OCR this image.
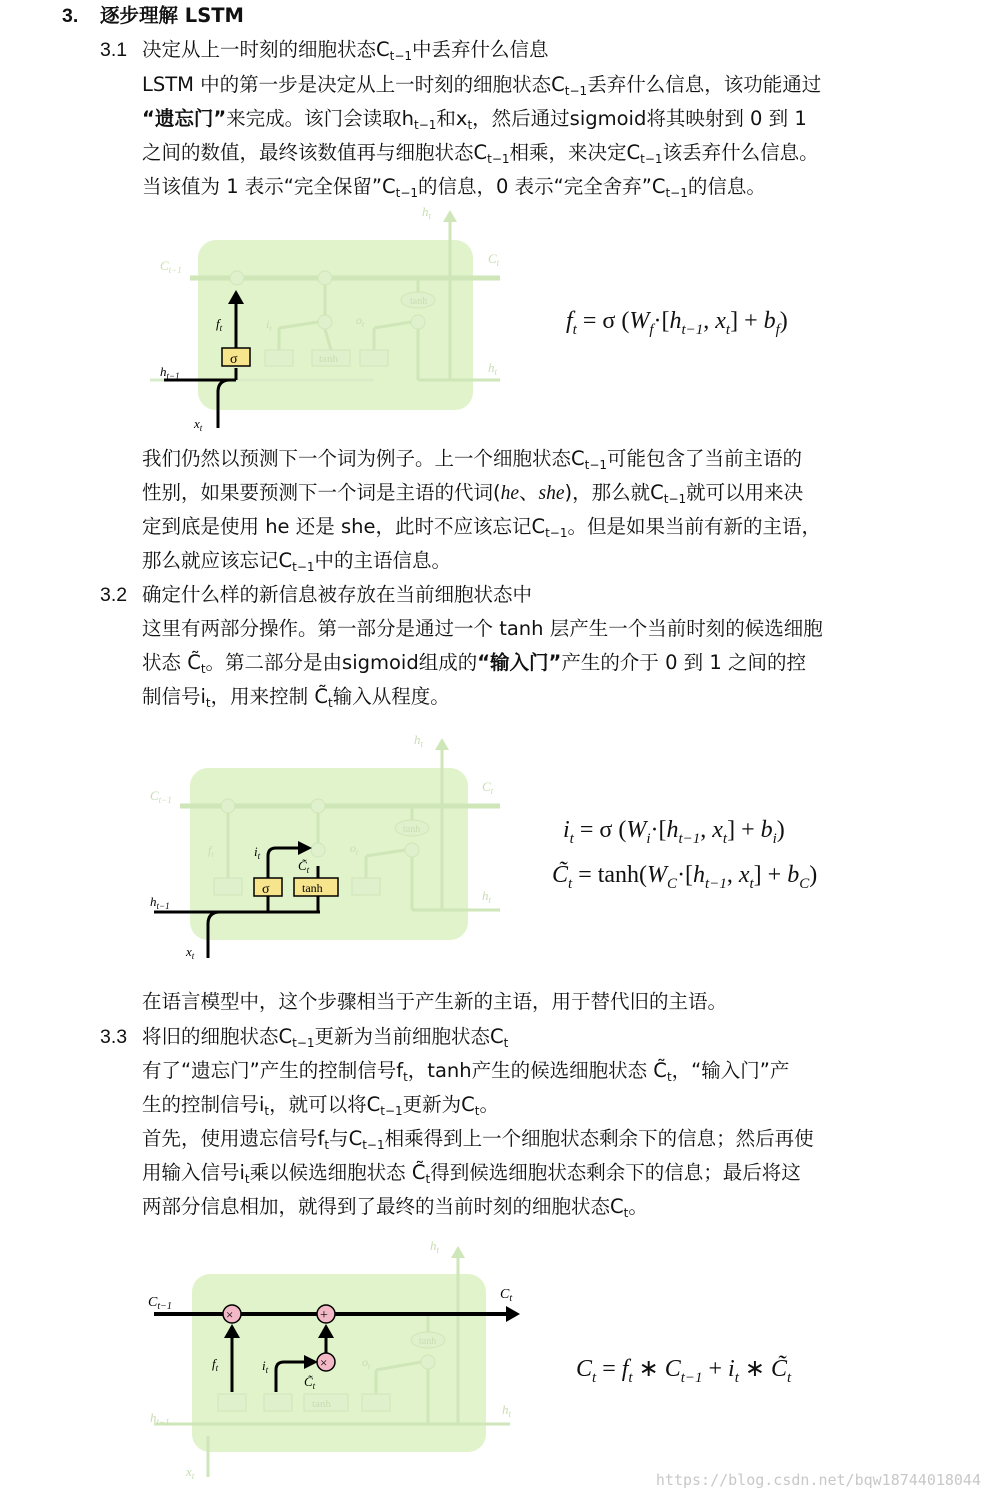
3. 逐步理解 LSTM
3.1 决定从上一时刻的细胞状态$C_{t-1}$中丢弃什么信息
LSTM 中的第一步是决定从上一时刻的细胞状态$C_{t-1}$丢弃什么信息，该功能通过
“遗忘门”来完成。该门会读取$h_{t-1}$和$x_t$，然后通过sigmoid将其映射到 0 到 1
之间的数值，最终该数值再与细胞状态$C_{t-1}$相乘，来决定$C_{t-1}$该丢弃什么信息。
当该值为 1 表示“完全保留$”C_{t-1}$的信息，0 表示“完全舍弃$”C_{t-1}$的信息。
tanh
tanh
σ
$C_{t-1}$
$C_t$
$h_t$
$h_t$
$h_{t-1}$
$x_t$
$f_t$	$i_t$
$o_t$	$f_t = \sigma$ ($W_f\cdot[h_{t-1}$, $x_t] + b_f$)
我们仍然以预测下一个词为例子。上一个细胞状态$C_{t-1}$可能包含了当前主语的
性别，如果要预测下一个词是主语的代词(he、she)，那么就$C_{t-1}$就可以用来决
定到底是使用 he 还是 she，此时不应该忘记$C_{t-1}$。但是如果当前有新的主语，
那么就应该忘记$C_{t-1}$中的主语信息。
3.2 确定什么样的新信息被存放在当前细胞状态中
这里有两部分操作。第一部分是通过一个 tanh 层产生一个当前时刻的候选细胞
状态 $C̃_t$。第二部分是由sigmoid组成的“输入门”产生的介于 0 到 1 之间的控
制信号$i_t$，用来控制 $C̃_t$输入从程度。
tanh
σ	tanh
$C_{t-1}$
$C_t$
$h_t$
$h_t$
$h_{t-1}$
$x_t$
$i_t$
$C̃_t$
$f_t$	$o_t$
$i_t = \sigma$ ($W_i\cdot[h_{t-1}$, $x_t] + b_i$)
$C̃_t = \tanh(W_C\cdot[h_{t-1}$, $x_t] + b_C$)
在语言模型中，这个步骤相当于产生新的主语，用于替代旧的主语。
3.3 将旧的细胞状态$C_{t-1}$更新为当前细胞状态$C_t$
有了“遗忘门”产生的控制信号$f_t$，tanh产生的候选细胞状态 $C̃_t$，“输入门”产
生的控制信号$i_t$，就可以将$C_{t-1}$更新为$C_t$。
首先，使用遗忘信号$f_t$与$C_{t-1}$相乘得到上一个细胞状态剩余下的信息；然后再使
用输入信号$i_t$乘以候选细胞状态 $C̃_t$得到候选细胞状态剩余下的信息；最后将这
两部分信息相加，就得到了最终的当前时刻的细胞状态$C_t$。
tanh
tanh
×	+
×
$C_{t-1}$
$C_t$
$h_t$
$h_t$
$h_{t-1}$
$x_t$
$f_t$	$i_t$
$C̃_t$
$o_t$	$C_t = f_t$ ∗ $C_{t-1} + i_t$ ∗ $C̃_t$
https://blog.csdn.net/bqw18744018044
